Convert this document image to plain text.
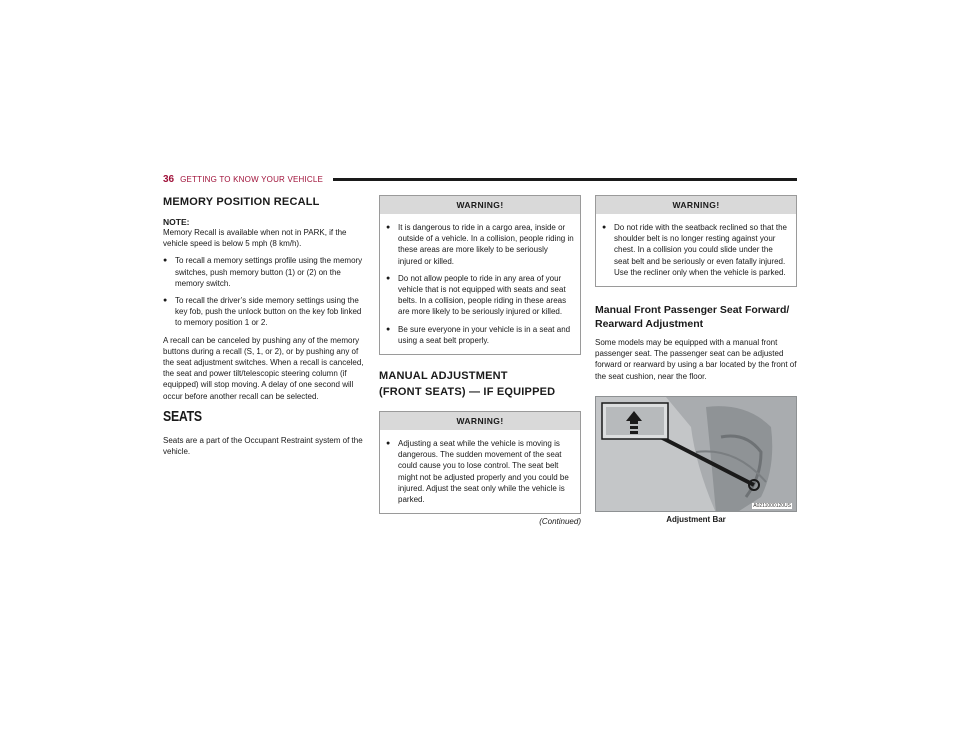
36 GETTING TO KNOW YOUR VEHICLE
MEMORY POSITION RECALL

NOTE:

Memory Recall is available when not in PARK, if the vehicle speed is below 5 mph (8 km/h).

● To recall a memory settings profile using the memory switches, push memory button (1) or (2) on the memory switch.
● To recall the driver’s side memory settings using the key fob, push the unlock button on the key fob linked to memory position 1 or 2.

A recall can be canceled by pushing any of the memory buttons during a recall (S, 1, or 2), or by pushing any of the seat adjustment switches. When a recall is canceled, the seat and power tilt/telescopic steering column (if equipped) will stop moving. A delay of one second will occur before another recall can be selected.

SEATS

Seats are a part of the Occupant Restraint system of the vehicle.

WARNING!
● It is dangerous to ride in a cargo area, inside or outside of a vehicle. In a collision, people riding in these areas are more likely to be seriously injured or killed.
● Do not allow people to ride in any area of your vehicle that is not equipped with seats and seat belts. In a collision, people riding in these areas are more likely to be seriously injured or killed.
● Be sure everyone in your vehicle is in a seat and using a seat belt properly.
MANUAL ADJUSTMENT
(FRONT SEATS) — IF EQUIPPED
WARNING!
● Adjusting a seat while the vehicle is moving is dangerous. The sudden movement of the seat could cause you to lose control. The seat belt might not be adjusted properly and you could be injured. Adjust the seat only while the vehicle is parked.
(Continued)
WARNING!
● Do not ride with the seatback reclined so that the shoulder belt is no longer resting against your chest. In a collision you could slide under the seat belt and be seriously or even fatally injured. Use the recliner only when the vehicle is parked.
Manual Front Passenger Seat Forward/ Rearward Adjustment

Some models may be equipped with a manual front passenger seat. The passenger seat can be adjusted forward or rearward by using a bar located by the front of the seat cushion, near the floor.

A0211000120US
Adjustment Bar
